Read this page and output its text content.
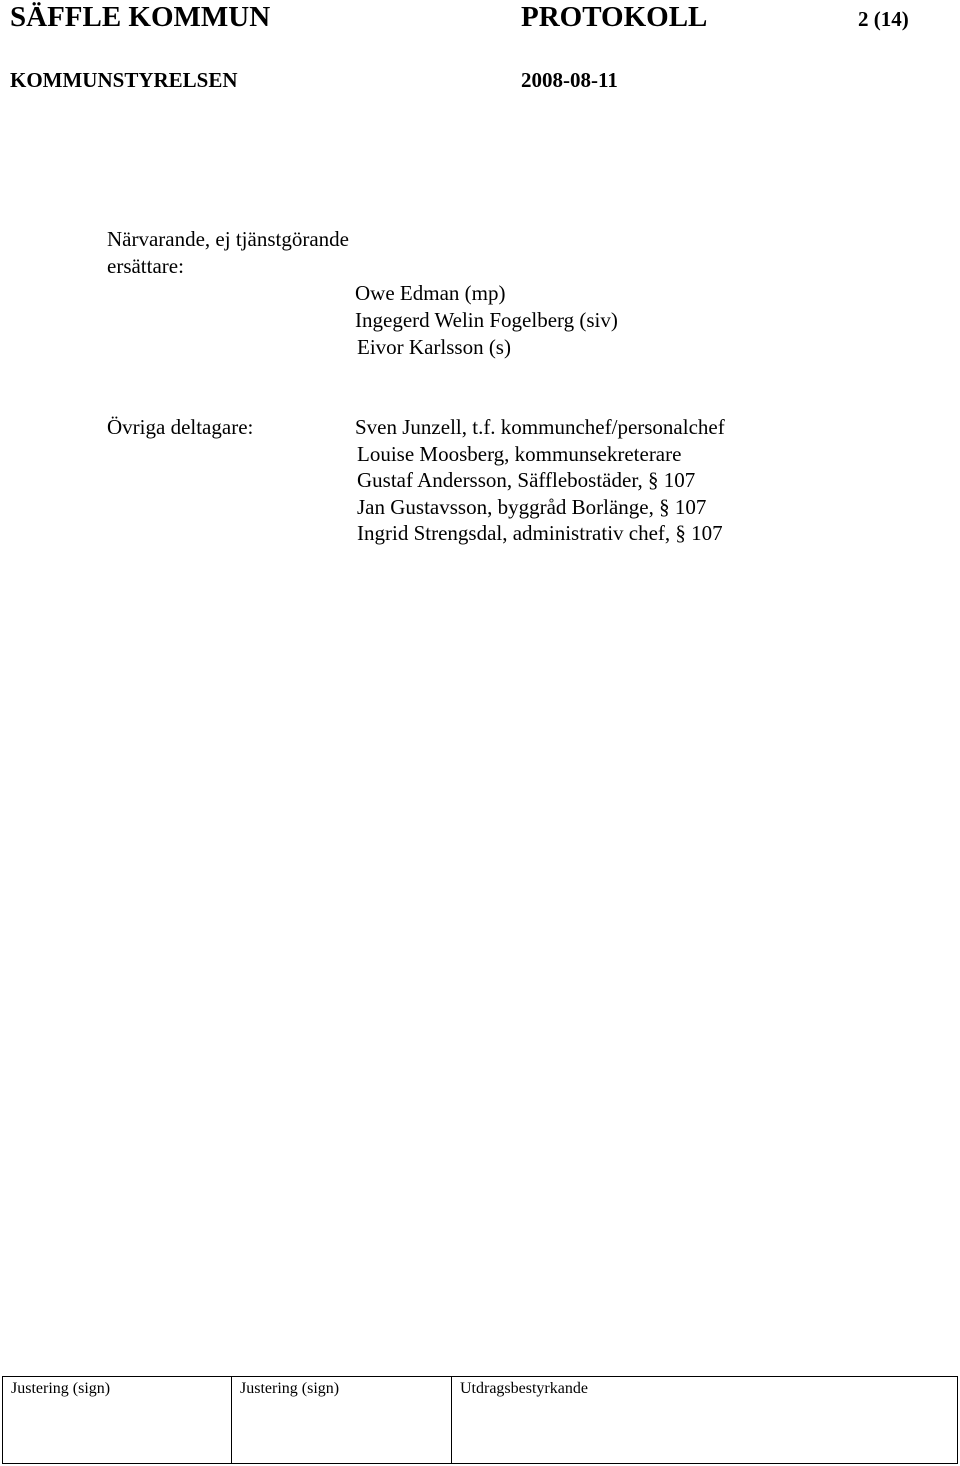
SÄFFLE KOMMUN	PROTOKOLL	2 (14)
KOMMUNSTYRELSEN	2008-08-11
Närvarande, ej tjänstgörande
ersättare:
Owe Edman (mp)
Ingegerd Welin Fogelberg (siv)
Eivor Karlsson (s)
Övriga deltagare:	Sven Junzell, t.f. kommunchef/personalchef
Louise Moosberg, kommunsekreterare
Gustaf Andersson, Säfflebostäder, § 107
Jan Gustavsson, byggråd Borlänge, § 107
Ingrid Strengsdal, administrativ chef, § 107
Justering (sign)	Justering (sign)	Utdragsbestyrkande
